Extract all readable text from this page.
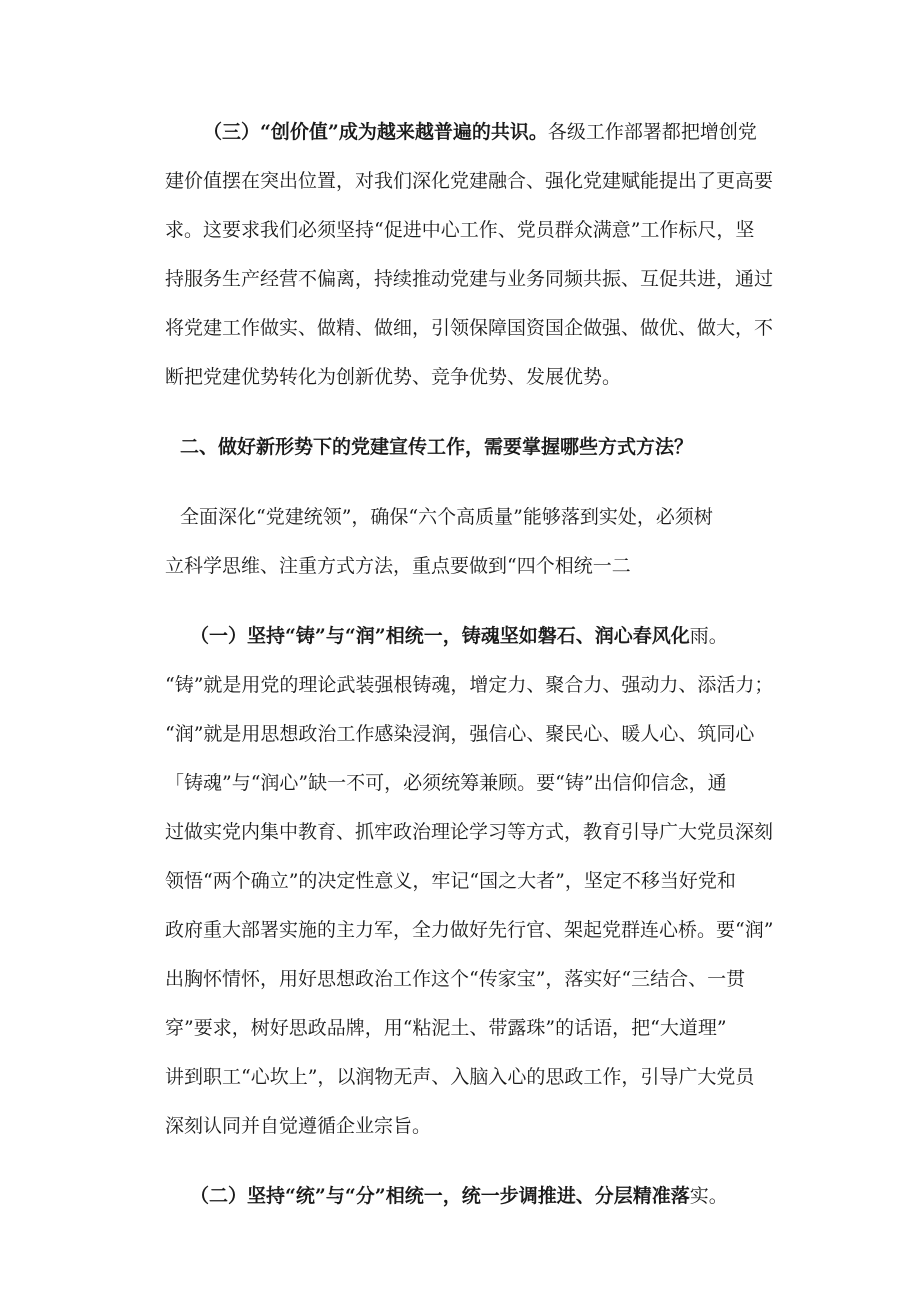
（三）“创价值”成为越来越普遍的共识。各级工作部署都把增创党
建价值摆在突出位置，对我们深化党建融合、强化党建赋能提出了更高要
求。这要求我们必须坚持“促进中心工作、党员群众满意”工作标尺，坚
持服务生产经营不偏离，持续推动党建与业务同频共振、互促共进，通过
将党建工作做实、做精、做细，引领保障国资国企做强、做优、做大，不
断把党建优势转化为创新优势、竞争优势、发展优势。
二、做好新形势下的党建宣传工作，需要掌握哪些方式方法？
全面深化“党建统领”，确保“六个高质量”能够落到实处，必须树
立科学思维、注重方式方法，重点要做到“四个相统一二
（一）坚持“铸”与“润”相统一，铸魂坚如磐石、润心春风化雨。
“铸”就是用党的理论武装强根铸魂，增定力、聚合力、强动力、添活力；
“润”就是用思想政治工作感染浸润，强信心、聚民心、暖人心、筑同心
「铸魂”与“润心”缺一不可，必须统筹兼顾。要“铸”出信仰信念，通
过做实党内集中教育、抓牢政治理论学习等方式，教育引导广大党员深刻
领悟“两个确立”的决定性意义，牢记“国之大者”，坚定不移当好党和
政府重大部署实施的主力军，全力做好先行官、架起党群连心桥。要“润”
出胸怀情怀，用好思想政治工作这个“传家宝”，落实好“三结合、一贯
穿”要求，树好思政品牌，用“粘泥土、带露珠”的话语，把“大道理”
讲到职工“心坎上”，以润物无声、入脑入心的思政工作，引导广大党员
深刻认同并自觉遵循企业宗旨。
（二）坚持“统”与“分”相统一，统一步调推进、分层精准落实。
